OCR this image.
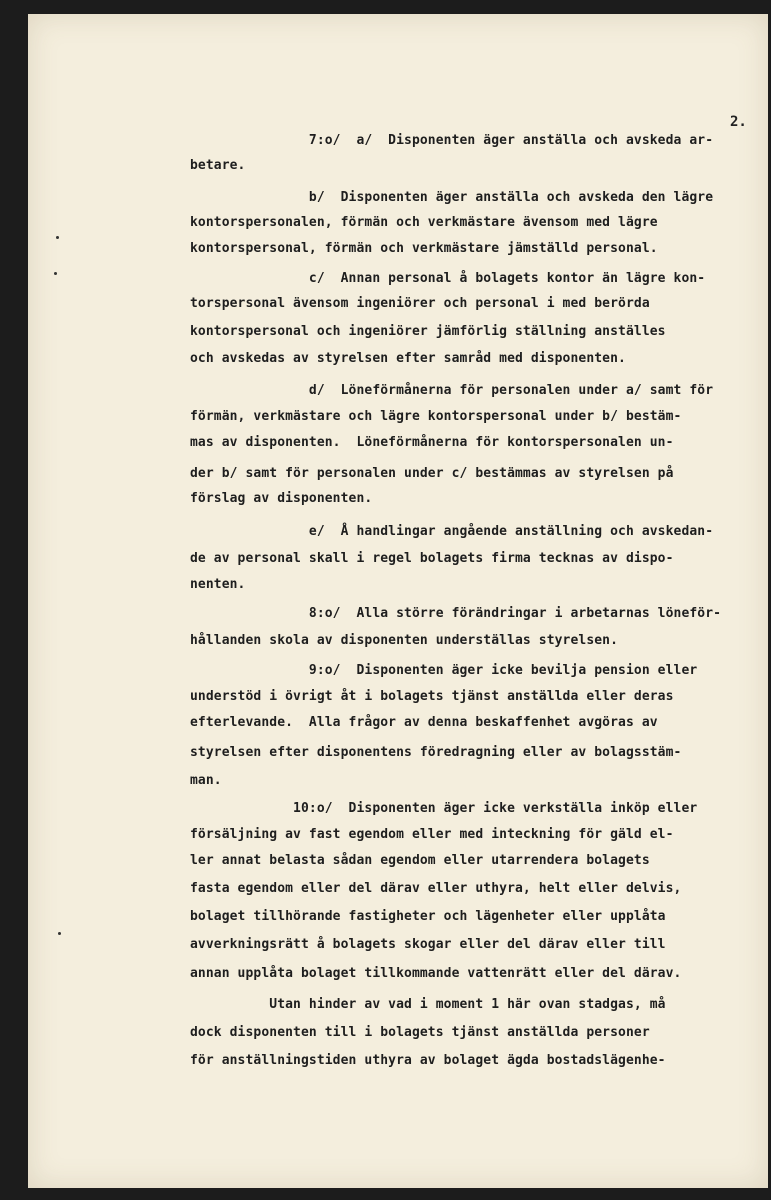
2.
7:o/  a/  Disponenten äger anställa och avskeda ar-
betare.
b/  Disponenten äger anställa och avskeda den lägre
kontorspersonalen, förmän och verkmästare ävensom med lägre
kontorspersonal, förmän och verkmästare jämställd personal.
c/  Annan personal å bolagets kontor än lägre kon-
torspersonal ävensom ingeniörer och personal i med berörda
kontorspersonal och ingeniörer jämförlig ställning anställes
och avskedas av styrelsen efter samråd med disponenten.
d/  Löneförmånerna för personalen under a/ samt för
förmän, verkmästare och lägre kontorspersonal under b/ bestäm-
mas av disponenten.  Löneförmånerna för kontorspersonalen un-
der b/ samt för personalen under c/ bestämmas av styrelsen på
förslag av disponenten.
e/  Å handlingar angående anställning och avskedan-
de av personal skall i regel bolagets firma tecknas av dispo-
nenten.
8:o/  Alla större förändringar i arbetarnas löneför-
hållanden skola av disponenten underställas styrelsen.
9:o/  Disponenten äger icke bevilja pension eller
understöd i övrigt åt i bolagets tjänst anställda eller deras
efterlevande.  Alla frågor av denna beskaffenhet avgöras av
styrelsen efter disponentens föredragning eller av bolagsstäm-
man.
10:o/  Disponenten äger icke verkställa inköp eller
försäljning av fast egendom eller med inteckning för gäld el-
ler annat belasta sådan egendom eller utarrendera bolagets
fasta egendom eller del därav eller uthyra, helt eller delvis,
bolaget tillhörande fastigheter och lägenheter eller upplåta
avverkningsrätt å bolagets skogar eller del därav eller till
annan upplåta bolaget tillkommande vattenrätt eller del därav.
Utan hinder av vad i moment 1 här ovan stadgas, må
dock disponenten till i bolagets tjänst anställda personer
för anställningstiden uthyra av bolaget ägda bostadslägenhe-
